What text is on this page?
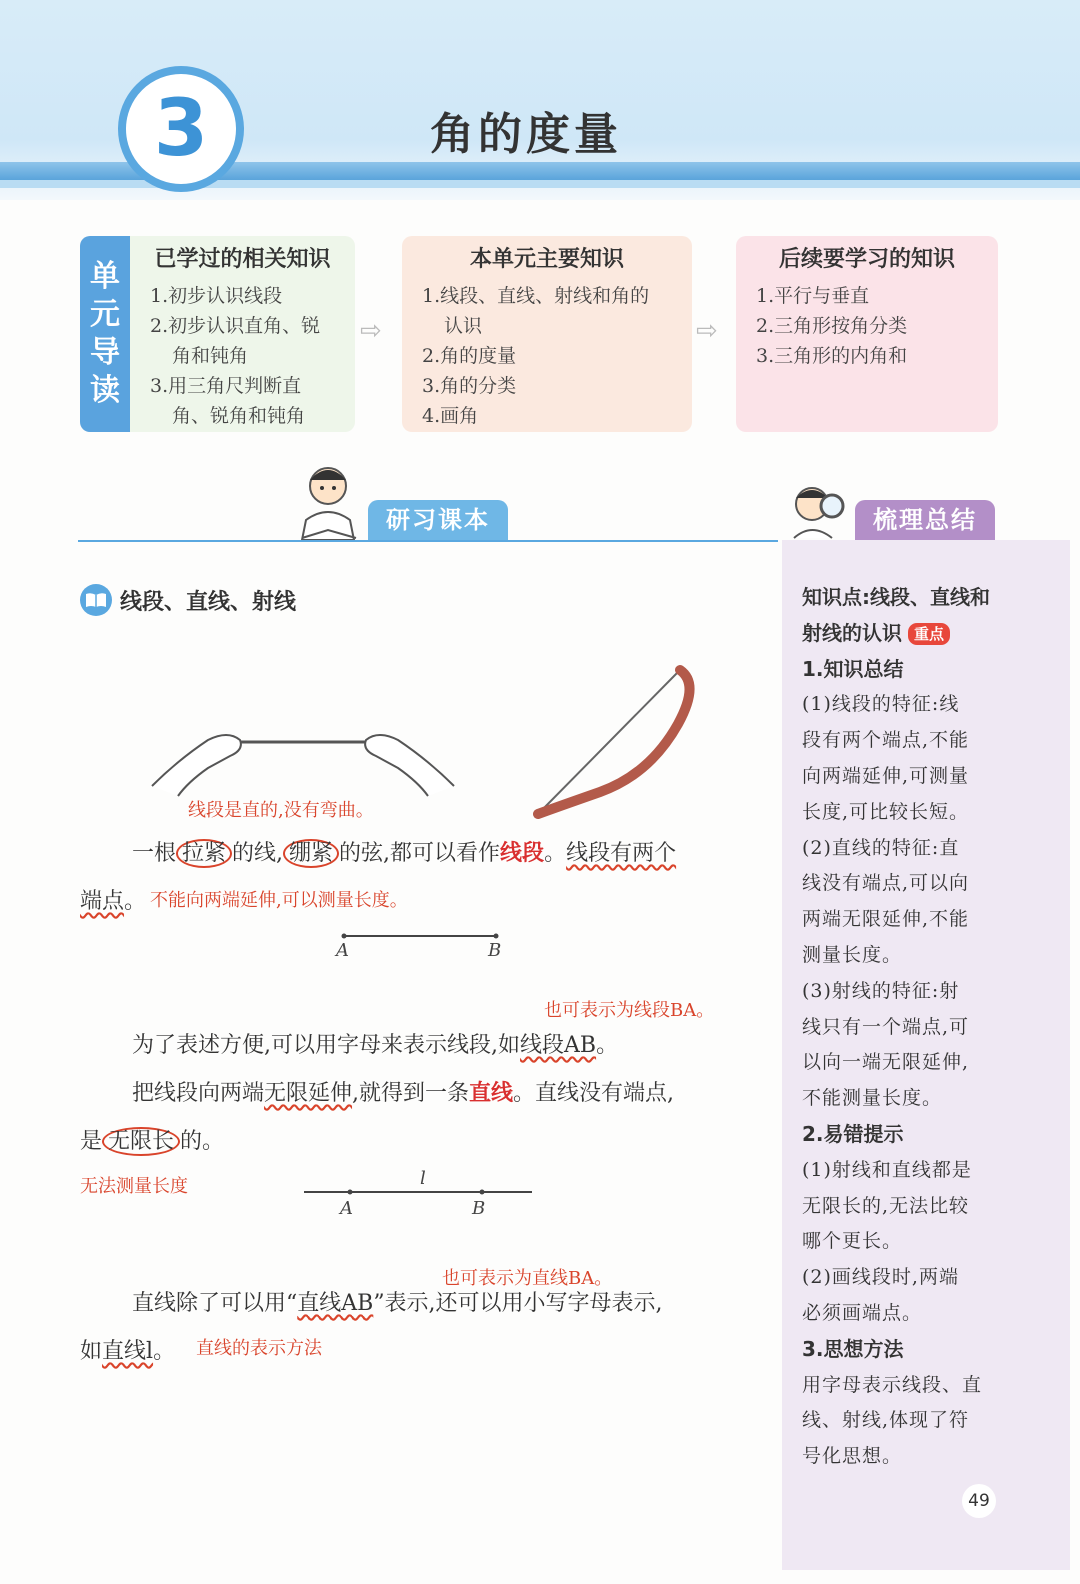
3	角的度量
单
元
导
读
已学过的相关知识
1.初步认识线段
2.初步认识直角、锐
角和钝角
3.用三角尺判断直
角、锐角和钝角
⇨
本单元主要知识
1.线段、直线、射线和角的
认识
2.角的度量
3.角的分类
4.画角
⇨
后续要学习的知识
1.平行与垂直
2.三角形按角分类
3.三角形的内角和
研习课本	梳理总结
线段、直线、射线
线段是直的,没有弯曲。
一根 拉紧 的线, 绷紧 的弦,都可以看作线段。线段有两个
端点。 不能向两端延伸,可以测量长度。
A	B
也可表示为线段BA。
为了表述方便,可以用字母来表示线段,如线段AB。
把线段向两端无限延伸,就得到一条直线。直线没有端点,
是 无限长 的。
无法测量长度	l
A	B
也可表示为直线BA。
直线除了可以用“直线AB”表示,还可以用小写字母表示,
如直线l。 直线的表示方法
知识点:线段、直线和
射线的认识 重点
1.知识总结
(1)线段的特征:线
段有两个端点,不能
向两端延伸,可测量
长度,可比较长短。
(2)直线的特征:直
线没有端点,可以向
两端无限延伸,不能
测量长度。
(3)射线的特征:射
线只有一个端点,可
以向一端无限延伸,
不能测量长度。
2.易错提示
(1)射线和直线都是
无限长的,无法比较
哪个更长。
(2)画线段时,两端
必须画端点。
3.思想方法
用字母表示线段、直
线、射线,体现了符
号化思想。
49
